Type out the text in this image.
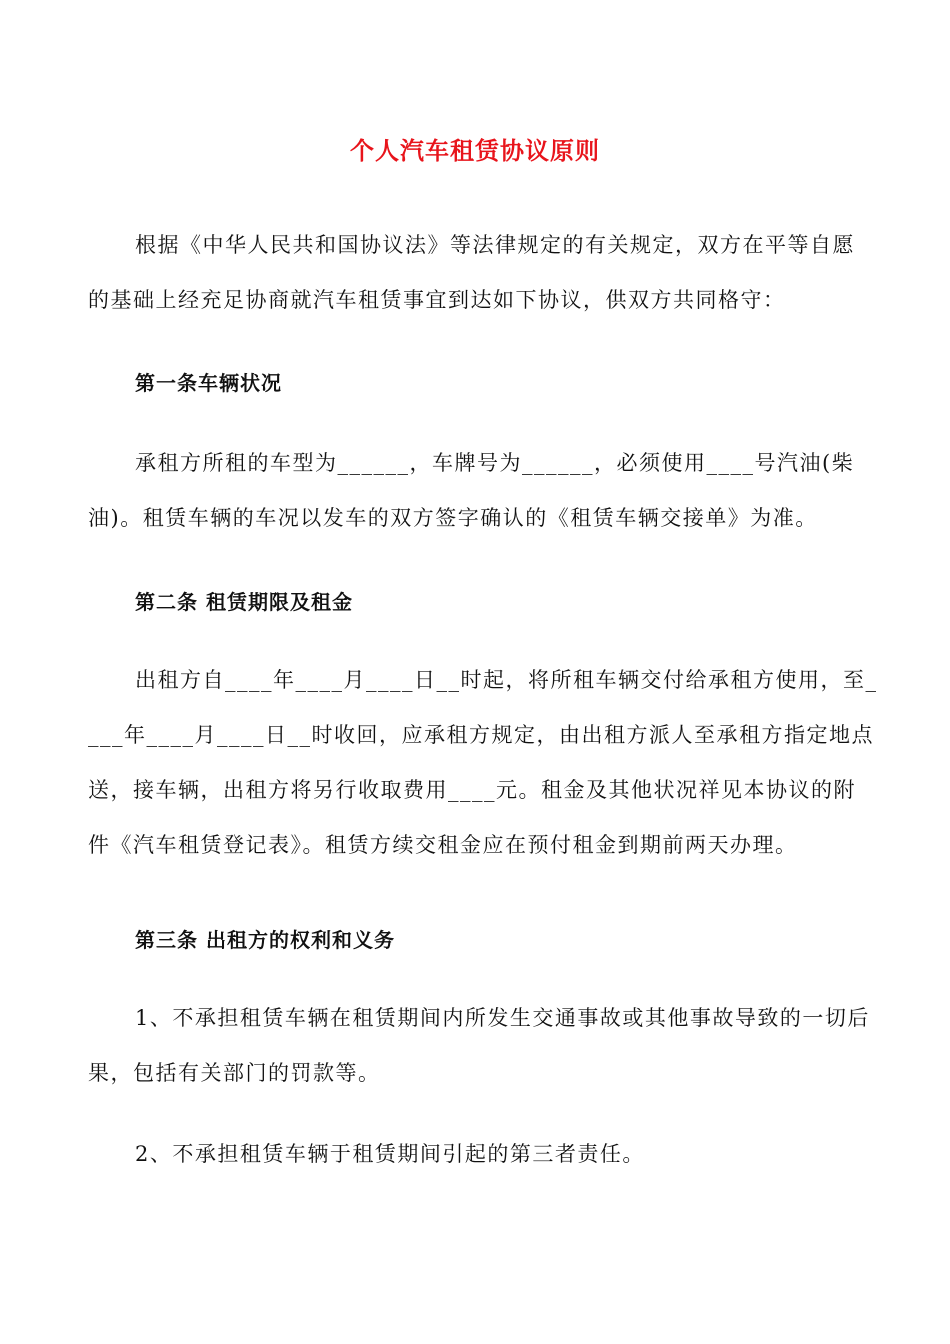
个人汽车租赁协议原则
根据《中华人民共和国协议法》等法律规定的有关规定，双方在平等自愿
的基础上经充足协商就汽车租赁事宜到达如下协议，供双方共同格守：
第一条车辆状况
承租方所租的车型为______，车牌号为______，必须使用____号汽油(柴
油)。租赁车辆的车况以发车的双方签字确认的《租赁车辆交接单》为准。
第二条 租赁期限及租金
出租方自____年____月____日__时起，将所租车辆交付给承租方使用，至_
___年____月____日__时收回，应承租方规定，由出租方派人至承租方指定地点
送，接车辆，出租方将另行收取费用____元。租金及其他状况祥见本协议的附
件《汽车租赁登记表》。租赁方续交租金应在预付租金到期前两天办理。
第三条 出租方的权利和义务
1、不承担租赁车辆在租赁期间内所发生交通事故或其他事故导致的一切后
果，包括有关部门的罚款等。
2、不承担租赁车辆于租赁期间引起的第三者责任。
